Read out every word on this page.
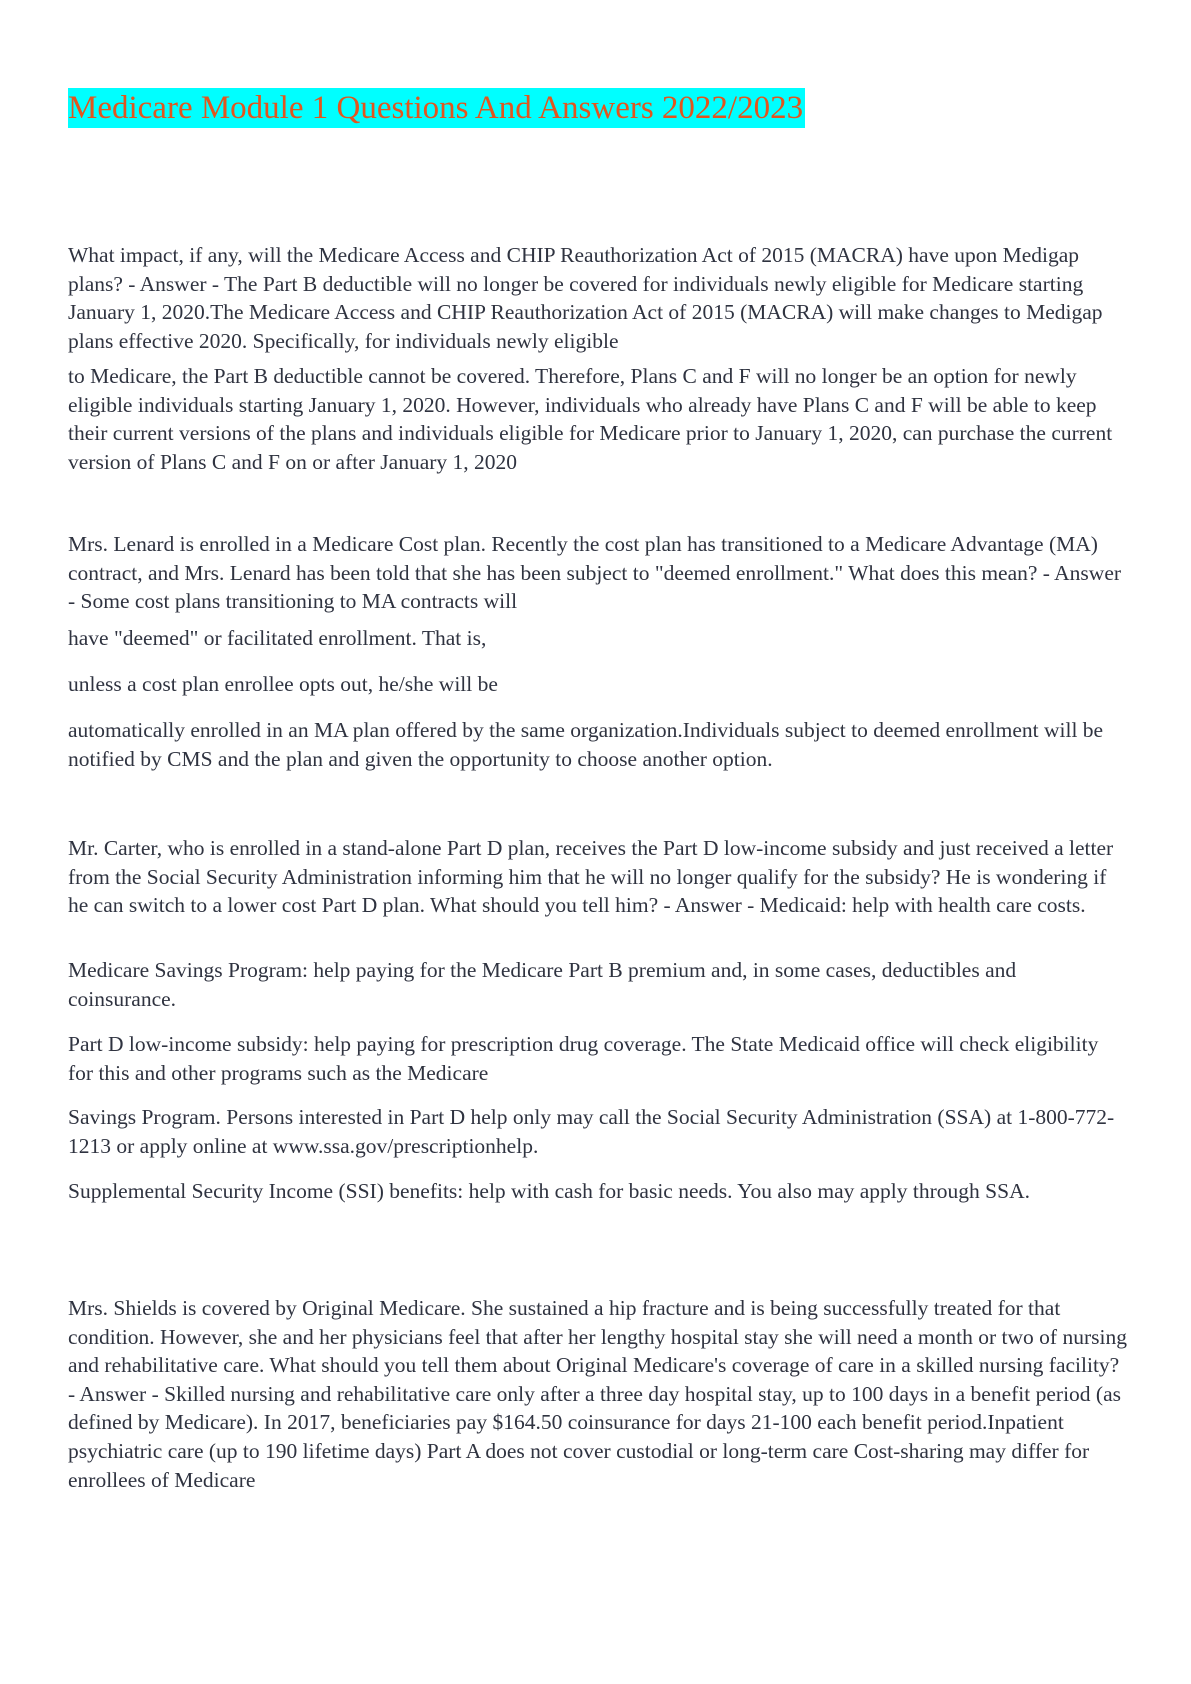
Medicare Module 1 Questions And Answers 2022/2023

What impact, if any, will the Medicare Access and CHIP Reauthorization Act of 2015 (MACRA) have upon Medigap plans? - Answer - The Part B deductible will no longer be covered for individuals newly eligible for Medicare starting January 1, 2020.The Medicare Access and CHIP Reauthorization Act of 2015 (MACRA) will make changes to Medigap plans effective 2020. Specifically, for individuals newly eligible

to Medicare, the Part B deductible cannot be covered. Therefore, Plans C and F will no longer be an option for newly eligible individuals starting January 1, 2020. However, individuals who already have Plans C and F will be able to keep their current versions of the plans and individuals eligible for Medicare prior to January 1, 2020, can purchase the current version of Plans C and F on or after January 1, 2020

Mrs. Lenard is enrolled in a Medicare Cost plan. Recently the cost plan has transitioned to a Medicare Advantage (MA) contract, and Mrs. Lenard has been told that she has been subject to "deemed enrollment." What does this mean? - Answer - Some cost plans transitioning to MA contracts will

have "deemed" or facilitated enrollment. That is,

unless a cost plan enrollee opts out, he/she will be

automatically enrolled in an MA plan offered by the same organization.Individuals subject to deemed enrollment will be notified by CMS and the plan and given the opportunity to choose another option.

Mr. Carter, who is enrolled in a stand-alone Part D plan, receives the Part D low-income subsidy and just received a letter from the Social Security Administration informing him that he will no longer qualify for the subsidy? He is wondering if he can switch to a lower cost Part D plan. What should you tell him? - Answer - Medicaid: help with health care costs.

Medicare Savings Program: help paying for the Medicare Part B premium and, in some cases, deductibles and coinsurance.

Part D low-income subsidy: help paying for prescription drug coverage. The State Medicaid office will check eligibility for this and other programs such as the Medicare

Savings Program. Persons interested in Part D help only may call the Social Security Administration (SSA) at 1-800-772-1213 or apply online at www.ssa.gov/prescriptionhelp.

Supplemental Security Income (SSI) benefits: help with cash for basic needs. You also may apply through SSA.

Mrs. Shields is covered by Original Medicare. She sustained a hip fracture and is being successfully treated for that condition. However, she and her physicians feel that after her lengthy hospital stay she will need a month or two of nursing and rehabilitative care. What should you tell them about Original Medicare's coverage of care in a skilled nursing facility? - Answer - Skilled nursing and rehabilitative care only after a three day hospital stay, up to 100 days in a benefit period (as defined by Medicare). In 2017, beneficiaries pay $164.50 coinsurance for days 21-100 each benefit period.Inpatient psychiatric care (up to 190 lifetime days) Part A does not cover custodial or long-term care Cost-sharing may differ for enrollees of Medicare
